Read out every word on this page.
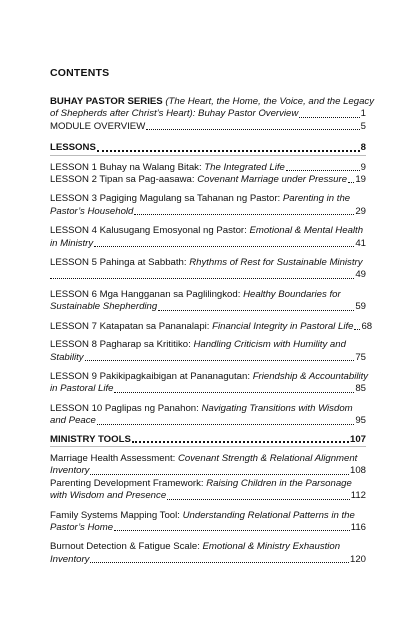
CONTENTS
BUHAY PASTOR SERIES (The Heart, the Home, the Voice, and the Legacy
of Shepherds after Christ’s Heart): Buhay Pastor Overview	1
MODULE OVERVIEW	5
LESSONS	8
LESSON 1 Buhay na Walang Bitak: The Integrated Life	9
LESSON 2 Tipan sa Pag-aasawa: Covenant Marriage under Pressure 19
LESSON 3 Pagiging Magulang sa Tahanan ng Pastor: Parenting in the
Pastor’s Household	29
LESSON 4 Kalusugang Emosyonal ng Pastor: Emotional & Mental Health
in Ministry	41
LESSON 5 Pahinga at Sabbath: Rhythms of Rest for Sustainable Ministry
49
LESSON 6 Mga Hangganan sa Paglilingkod: Healthy Boundaries for
Sustainable Shepherding	59
LESSON 7 Katapatan sa Pananalapi: Financial Integrity in Pastoral Life 68
LESSON 8 Pagharap sa Krititiko: Handling Criticism with Humility and
Stability	75
LESSON 9 Pakikipagkaibigan at Pananagutan: Friendship & Accountability
in Pastoral Life	85
LESSON 10 Paglipas ng Panahon: Navigating Transitions with Wisdom
and Peace	95
MINISTRY TOOLS	107
Marriage Health Assessment: Covenant Strength & Relational Alignment
Inventory	108
Parenting Development Framework: Raising Children in the Parsonage
with Wisdom and Presence	112
Family Systems Mapping Tool: Understanding Relational Patterns in the
Pastor’s Home	116
Burnout Detection & Fatigue Scale: Emotional & Ministry Exhaustion
Inventory	120
